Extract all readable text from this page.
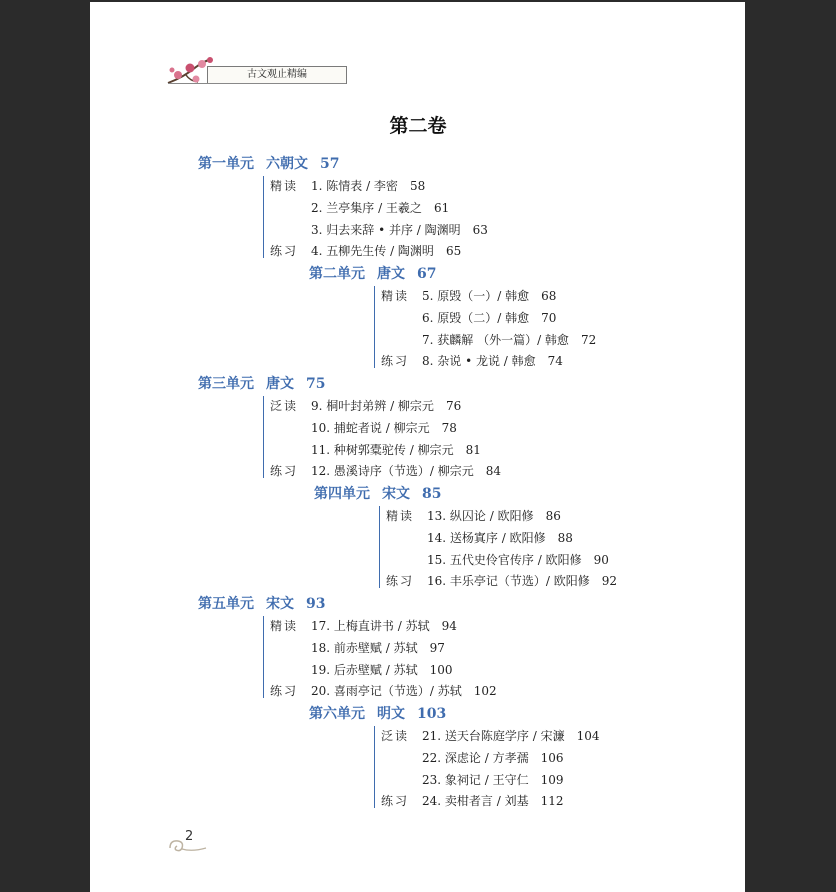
古文观止精编
第二卷
第一单元 六朝文 57
精读 1. 陈情表 / 李密 58
2. 兰亭集序 / 王羲之 61
3. 归去来辞 • 并序 / 陶渊明 63
练习 4. 五柳先生传 / 陶渊明 65
第二单元 唐文 67
精读 5. 原毁（一）/ 韩愈 68
6. 原毁（二）/ 韩愈 70
7. 获麟解 （外一篇）/ 韩愈 72
练习 8. 杂说 • 龙说 / 韩愈 74
第三单元 唐文 75
泛读 9. 桐叶封弟辨 / 柳宗元 76
10. 捕蛇者说 / 柳宗元 78
11. 种树郭橐驼传 / 柳宗元 81
练习 12. 愚溪诗序（节选）/ 柳宗元 84
第四单元 宋文 85
精读 13. 纵囚论 / 欧阳修 86
14. 送杨寘序 / 欧阳修 88
15. 五代史伶官传序 / 欧阳修 90
练习 16. 丰乐亭记（节选）/ 欧阳修 92
第五单元 宋文 93
精读 17. 上梅直讲书 / 苏轼 94
18. 前赤壁赋 / 苏轼 97
19. 后赤壁赋 / 苏轼 100
练习 20. 喜雨亭记（节选）/ 苏轼 102
第六单元 明文 103
泛读 21. 送天台陈庭学序 / 宋濂 104
22. 深虑论 / 方孝孺 106
23. 象祠记 / 王守仁 109
练习 24. 卖柑者言 / 刘基 112
2
